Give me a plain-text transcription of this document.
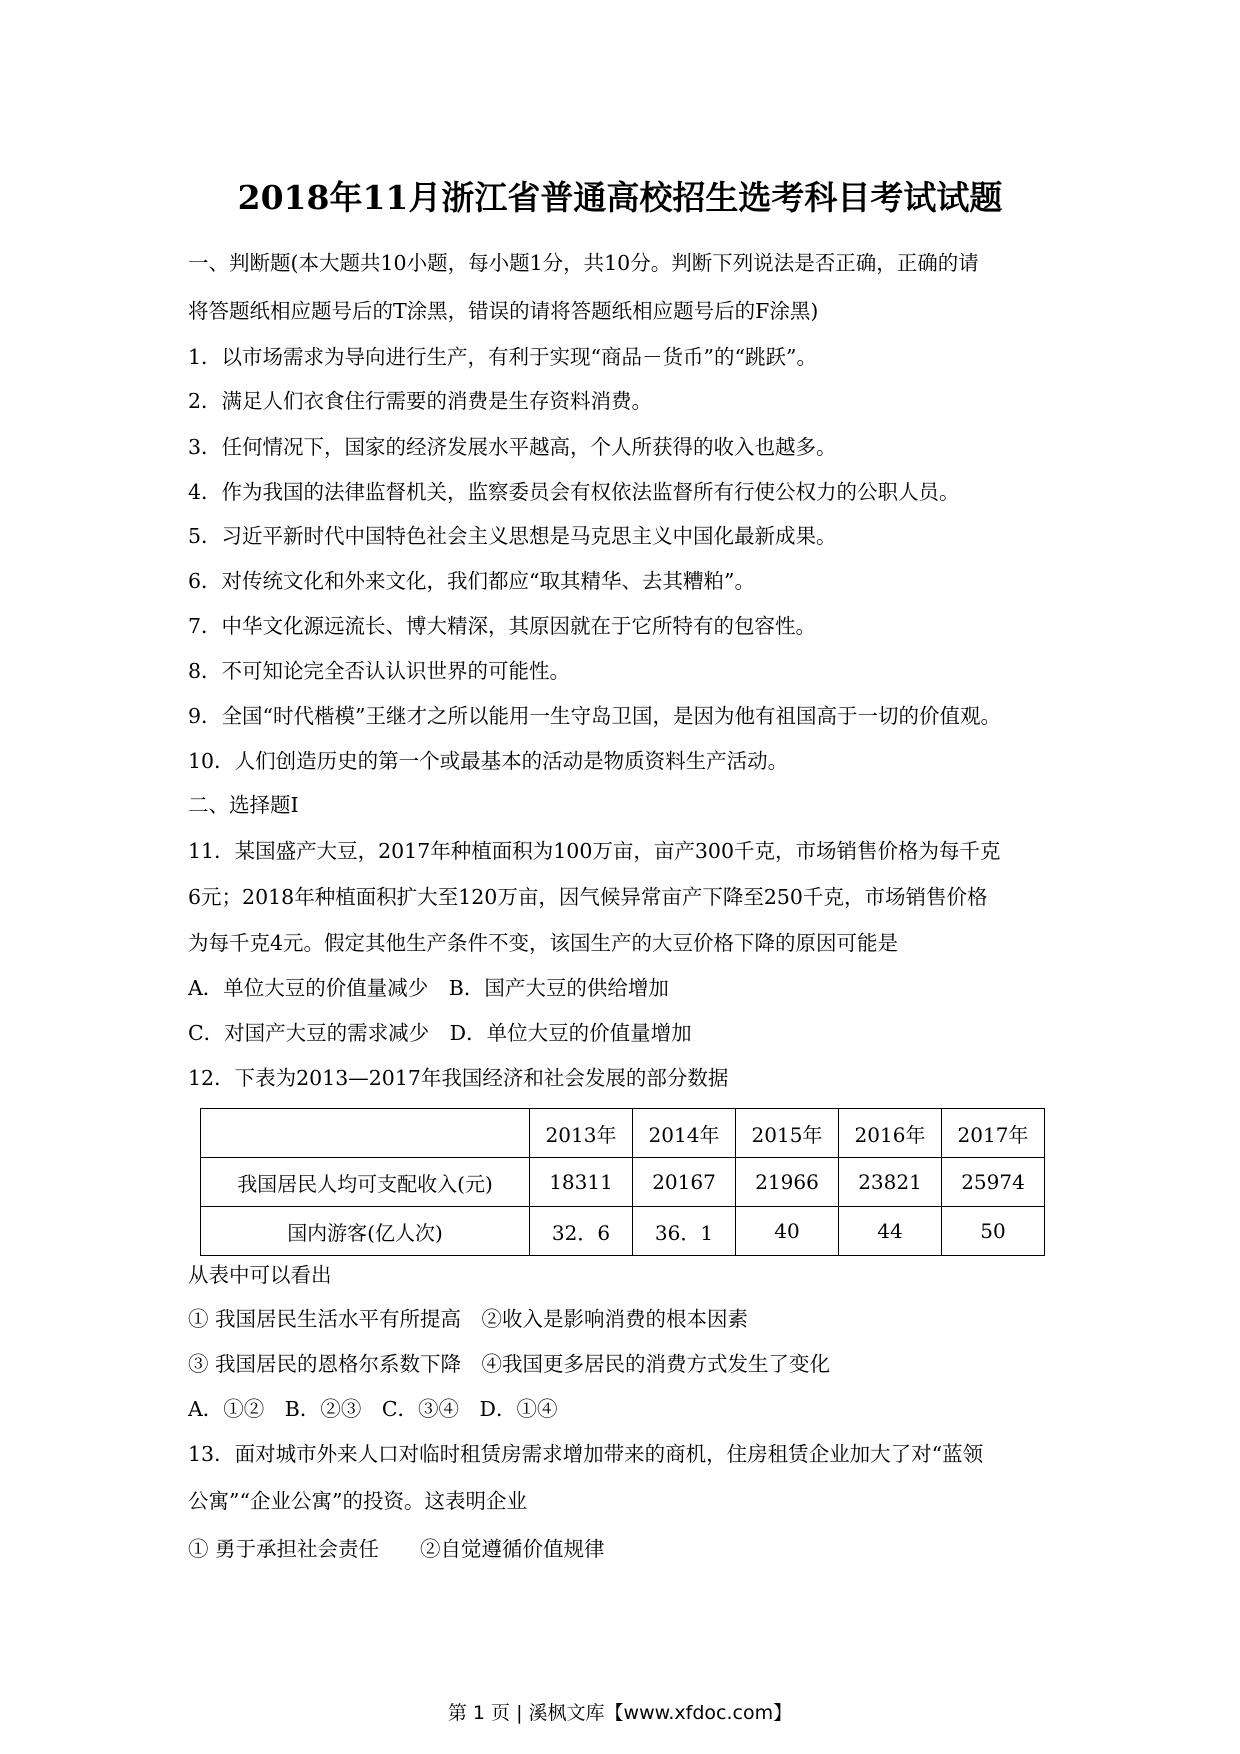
2018年11月浙江省普通高校招生选考科目考试试题
一、判断题(本大题共10小题，每小题1分，共10分。判断下列说法是否正确，正确的请
将答题纸相应题号后的T涂黑，错误的请将答题纸相应题号后的F涂黑)
1．以市场需求为导向进行生产，有利于实现“商品－货币”的“跳跃”。
2．满足人们衣食住行需要的消费是生存资料消费。
3．任何情况下，国家的经济发展水平越高，个人所获得的收入也越多。
4．作为我国的法律监督机关，监察委员会有权依法监督所有行使公权力的公职人员。
5．习近平新时代中国特色社会主义思想是马克思主义中国化最新成果。
6．对传统文化和外来文化，我们都应“取其精华、去其糟粕”。
7．中华文化源远流长、博大精深，其原因就在于它所特有的包容性。
8．不可知论完全否认认识世界的可能性。
9．全国“时代楷模”王继才之所以能用一生守岛卫国，是因为他有祖国高于一切的价值观。
10．人们创造历史的第一个或最基本的活动是物质资料生产活动。
二、选择题I
11．某国盛产大豆，2017年种植面积为100万亩，亩产300千克，市场销售价格为每千克
6元；2018年种植面积扩大至120万亩，因气候异常亩产下降至250千克，市场销售价格
为每千克4元。假定其他生产条件不变，该国生产的大豆价格下降的原因可能是
A．单位大豆的价值量减少　B．国产大豆的供给增加
C．对国产大豆的需求减少　D．单位大豆的价值量增加
12．下表为2013—2017年我国经济和社会发展的部分数据
	2013年	2014年	2015年	2016年	2017年
我国居民人均可支配收入(元)	18311	20167	21966	23821	25974
国内游客(亿人次)	32．6	36．1	40	44	50
从表中可以看出
① 我国居民生活水平有所提高　②收入是影响消费的根本因素
③ 我国居民的恩格尔系数下降　④我国更多居民的消费方式发生了变化
A．①②　B．②③　C．③④　D．①④
13．面对城市外来人口对临时租赁房需求增加带来的商机，住房租赁企业加大了对“蓝领
公寓”“企业公寓”的投资。这表明企业
① 勇于承担社会责任　　②自觉遵循价值规律
第 1 页 | 溪枫文库【www.xfdoc.com】
